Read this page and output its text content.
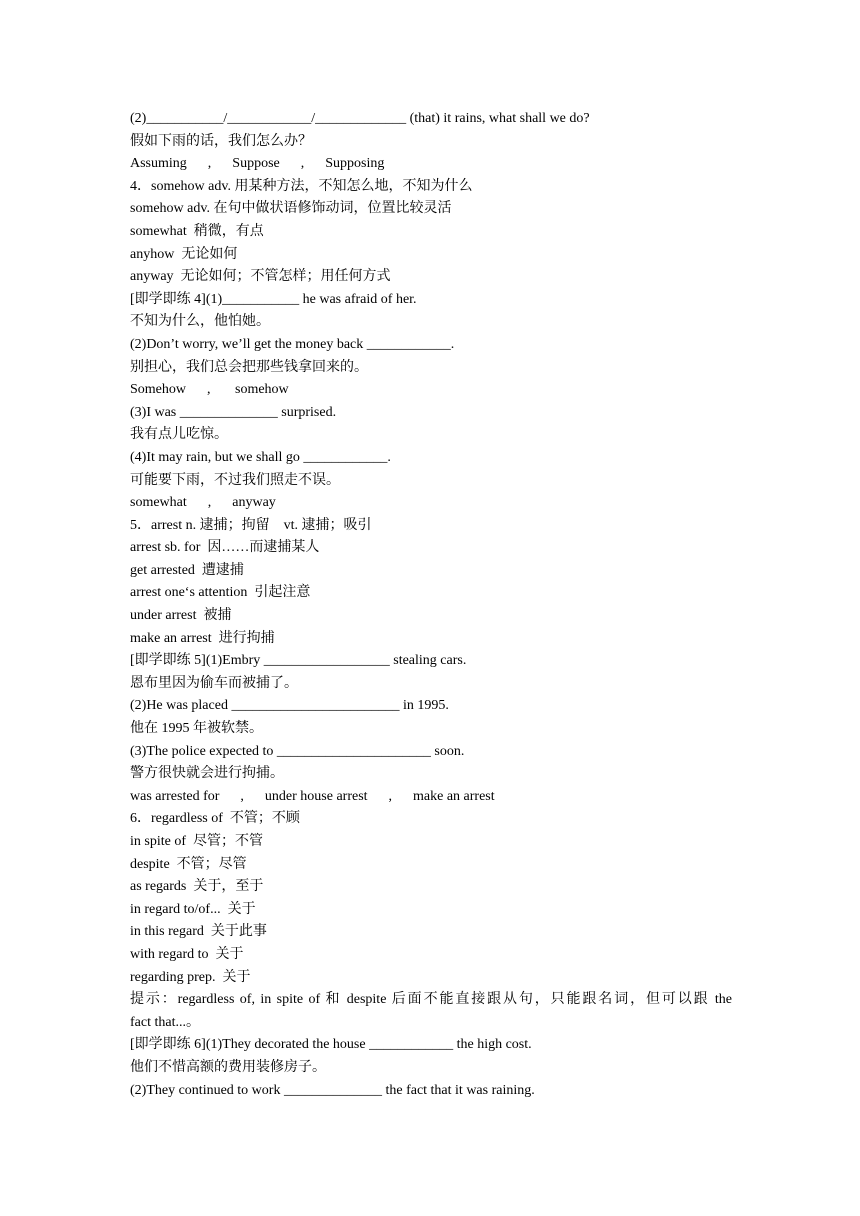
(2)___________/____________/_____________ (that) it rains, what shall we do?
假如下雨的话，我们怎么办？
Assuming      ,      Suppose      ,      Supposing
4．somehow adv. 用某种方法，不知怎么地，不知为什么
somehow adv. 在句中做状语修饰动词，位置比较灵活
somewhat  稍微，有点
anyhow  无论如何
anyway  无论如何；不管怎样；用任何方式
[即学即练 4](1)___________ he was afraid of her.
不知为什么，他怕她。
(2)Don’t worry, we’ll get the money back ____________.
别担心，我们总会把那些钱拿回来的。
Somehow      ,       somehow
(3)I was ______________ surprised.
我有点儿吃惊。
(4)It may rain, but we shall go ____________.
可能要下雨，不过我们照走不误。
somewhat      ,      anyway
5．arrest n. 逮捕；拘留    vt. 逮捕；吸引
arrest sb. for  因……而逮捕某人
get arrested  遭逮捕
arrest one‘s attention  引起注意
under arrest  被捕
make an arrest  进行拘捕
[即学即练 5](1)Embry __________________ stealing cars.
恩布里因为偷车而被捕了。
(2)He was placed ________________________ in 1995.
他在 1995 年被软禁。
(3)The police expected to ______________________ soon.
警方很快就会进行拘捕。
was arrested for      ,      under house arrest      ,      make an arrest
6．regardless of  不管；不顾
in spite of  尽管；不管
despite  不管；尽管
as regards  关于，至于
in regard to/of...  关于
in this regard  关于此事
with regard to  关于
regarding prep.  关于
提示：regardless of, in spite of 和 despite 后面不能直接跟从句，只能跟名词，但可以跟 the
fact that...。
[即学即练 6](1)They decorated the house ____________ the high cost.
他们不惜高额的费用装修房子。
(2)They continued to work ______________ the fact that it was raining.
